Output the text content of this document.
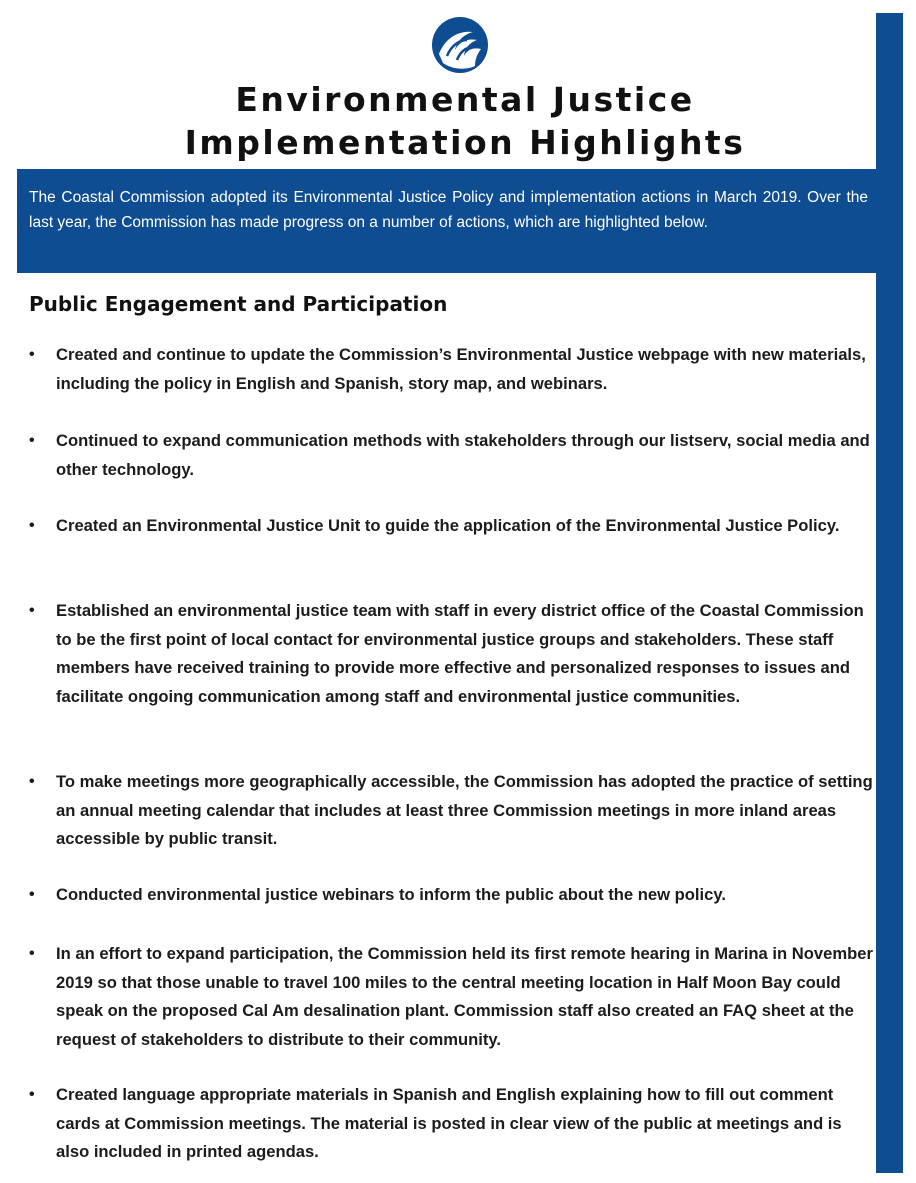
Environmental Justice
Implementation Highlights
The Coastal Commission adopted its Environmental Justice Policy and implementation actions in March 2019. Over the last year, the Commission has made progress on a number of actions, which are highlighted below.
Public Engagement and Participation
• Created and continue to update the Commission’s Environmental Justice webpage with new materials, including the policy in English and Spanish, story map, and webinars.
• Continued to expand communication methods with stakeholders through our listserv, social media and other technology.
• Created an Environmental Justice Unit to guide the application of the Environmental Justice Policy.
• Established an environmental justice team with staff in every district office of the Coastal Commission to be the first point of local contact for environmental justice groups and stakeholders. These staff members have received training to provide more effective and personalized responses to issues and facilitate ongoing communication among staff and environmental justice communities.
• To make meetings more geographically accessible, the Commission has adopted the practice of setting an annual meeting calendar that includes at least three Commission meetings in more inland areas accessible by public transit.
• Conducted environmental justice webinars to inform the public about the new policy.
• In an effort to expand participation, the Commission held its first remote hearing in Marina in November 2019 so that those unable to travel 100 miles to the central meeting location in Half Moon Bay could speak on the proposed Cal Am desalination plant. Commission staff also created an FAQ sheet at the request of stakeholders to distribute to their community.
• Created language appropriate materials in Spanish and English explaining how to fill out comment cards at Commission meetings. The material is posted in clear view of the public at meetings and is also included in printed agendas.
